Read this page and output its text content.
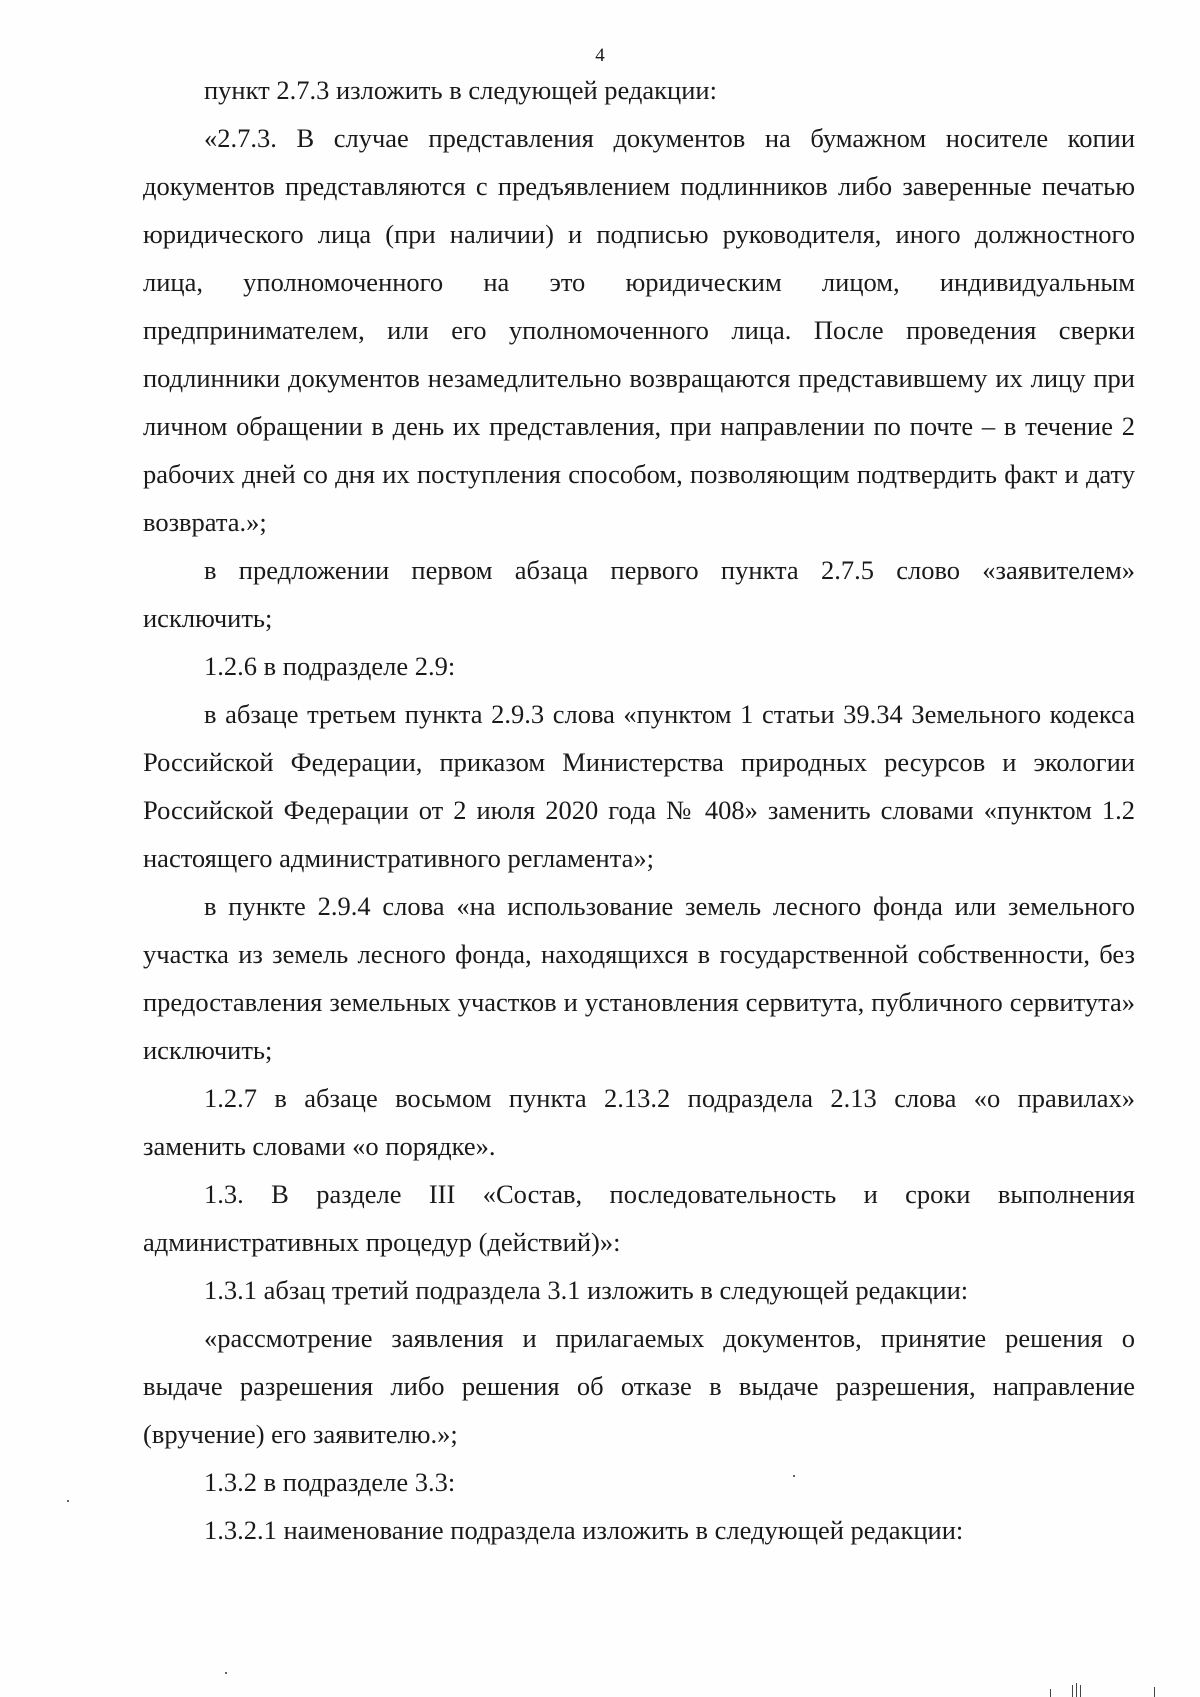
4

пункт 2.7.3 изложить в следующей редакции:

«2.7.3. В случае представления документов на бумажном носителе копии документов представляются с предъявлением подлинников либо заверенные печатью юридического лица (при наличии) и подписью руководителя, иного должностного лица, уполномоченного на это юридическим лицом, индивидуальным предпринимателем, или его уполномоченного лица. После проведения сверки подлинники документов незамедлительно возвращаются представившему их лицу при личном обращении в день их представления, при направлении по почте – в течение 2 рабочих дней со дня их поступления способом, позволяющим подтвердить факт и дату возврата.»;

в предложении первом абзаца первого пункта 2.7.5 слово «заявителем» исключить;

1.2.6 в подразделе 2.9:

в абзаце третьем пункта 2.9.3 слова «пунктом 1 статьи 39.34 Земельного кодекса Российской Федерации, приказом Министерства природных ресурсов и экологии Российской Федерации от 2 июля 2020 года № 408» заменить словами «пунктом 1.2 настоящего административного регламента»;

в пункте 2.9.4 слова «на использование земель лесного фонда или земельного участка из земель лесного фонда, находящихся в государственной собственности, без предоставления земельных участков и установления сервитута, публичного сервитута» исключить;

1.2.7 в абзаце восьмом пункта 2.13.2 подраздела 2.13 слова «о правилах» заменить словами «о порядке».

1.3. В разделе III «Состав, последовательность и сроки выполнения административных процедур (действий)»:

1.3.1 абзац третий подраздела 3.1 изложить в следующей редакции:

«рассмотрение заявления и прилагаемых документов, принятие решения о выдаче разрешения либо решения об отказе в выдаче разрешения, направление (вручение) его заявителю.»;

1.3.2 в подразделе 3.3:

1.3.2.1 наименование подраздела изложить в следующей редакции:
